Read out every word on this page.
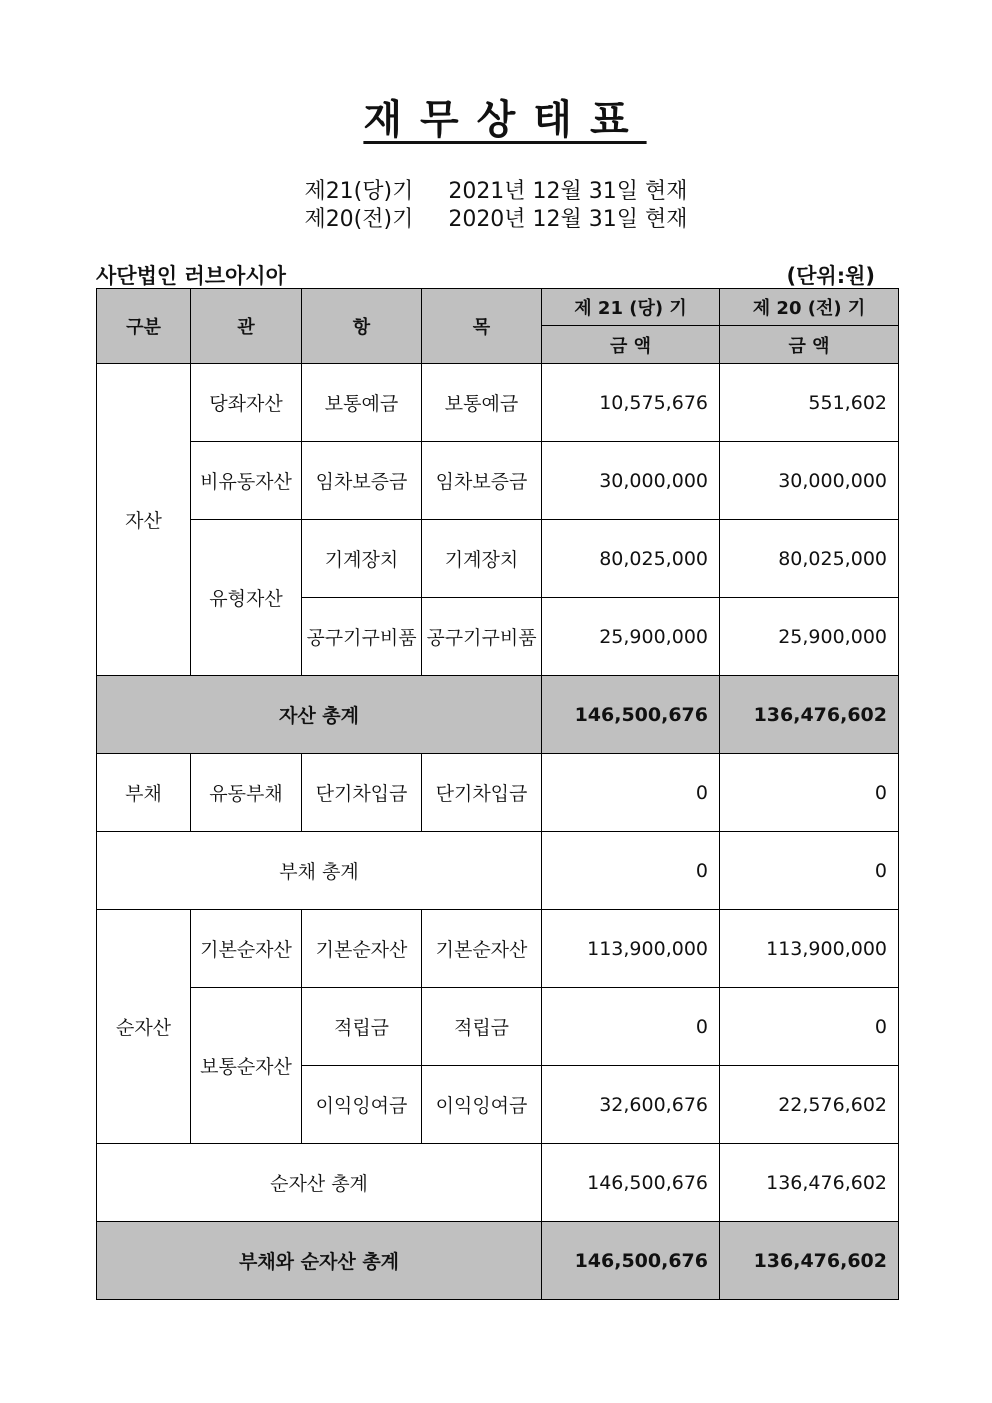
재무상태표
제21(당)기     2021년 12월 31일 현재
제20(전)기     2020년 12월 31일 현재
사단법인 러브아시아	(단위:원)
구분	관	항	목	제 21 (당) 기	제 20 (전) 기
				금 액	금 액
자산	당좌자산	보통예금	보통예금	10,575,676	551,602
	비유동자산	임차보증금	임차보증금	30,000,000	30,000,000
	유형자산	기계장치	기계장치	80,025,000	80,025,000
		공구기구비품	공구기구비품	25,900,000	25,900,000
자산 총계				146,500,676	136,476,602
부채	유동부채	단기차입금	단기차입금	0	0
부채 총계				0	0
순자산	기본순자산	기본순자산	기본순자산	113,900,000	113,900,000
	보통순자산	적립금	적립금	0	0
		이익잉여금	이익잉여금	32,600,676	22,576,602
순자산 총계				146,500,676	136,476,602
부채와 순자산 총계				146,500,676	136,476,602
